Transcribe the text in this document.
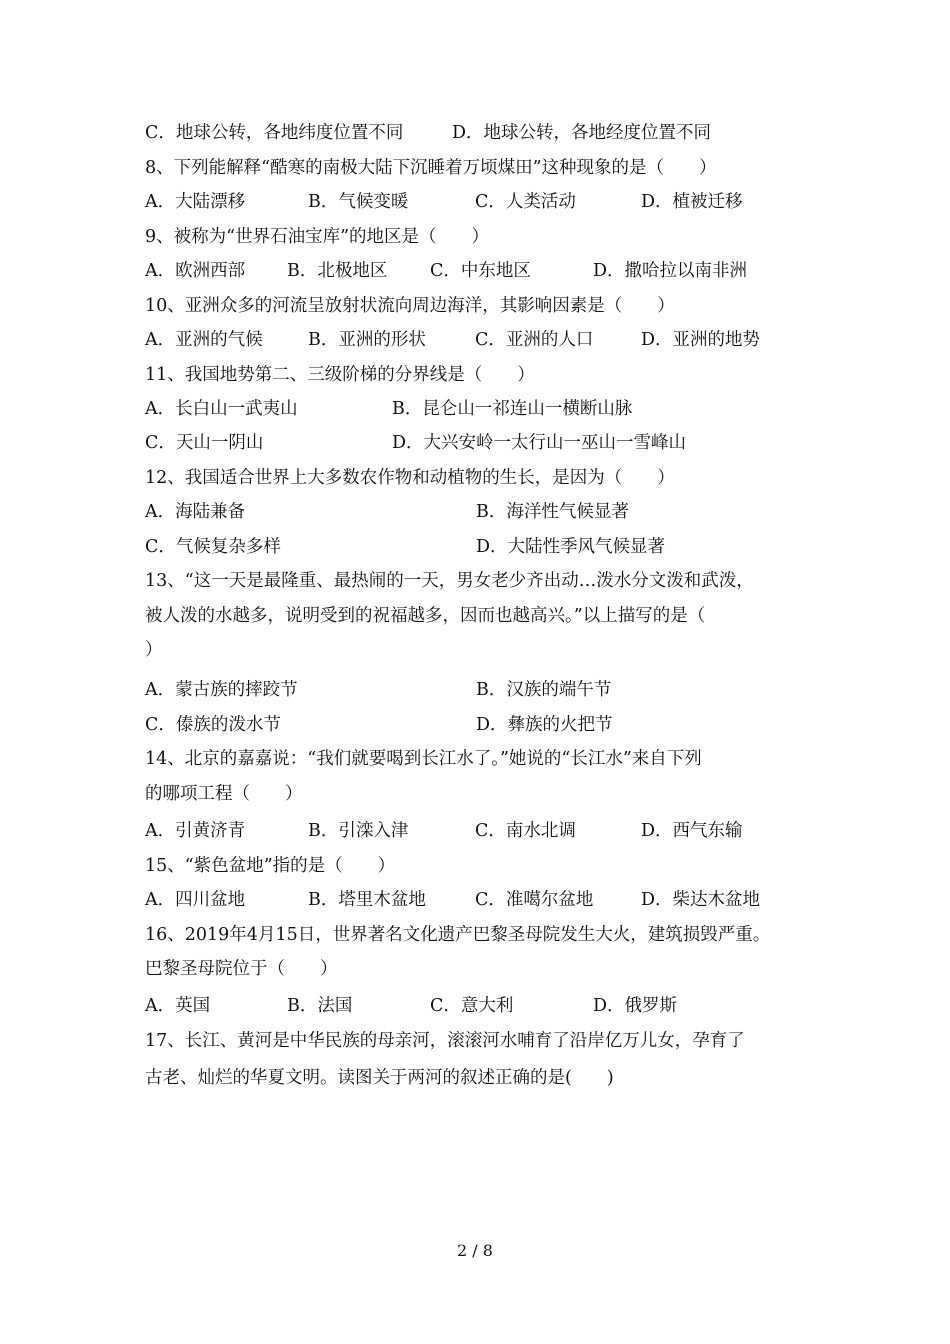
C．地球公转，各地纬度位置不同	D．地球公转，各地经度位置不同
8、下列能解释“酷寒的南极大陆下沉睡着万顷煤田”这种现象的是（　　）
A．大陆漂移	B．气候变暖	C．人类活动	D．植被迁移
9、被称为“世界石油宝库”的地区是（　　）
A．欧洲西部 B．北极地区 C．中东地区	D．撒哈拉以南非洲
10、亚洲众多的河流呈放射状流向周边海洋，其影响因素是（　　）
A．亚洲的气候	B．亚洲的形状	C．亚洲的人口	D．亚洲的地势
11、我国地势第二、三级阶梯的分界线是（　　）
A．长白山一武夷山	B．昆仑山一祁连山一横断山脉
C．天山一阴山	D．大兴安岭一太行山一巫山一雪峰山
12、我国适合世界上大多数农作物和动植物的生长，是因为（　　）
A．海陆兼备	B．海洋性气候显著
C．气候复杂多样	D．大陆性季风气候显著
13、“这一天是最隆重、最热闹的一天，男女老少齐出动…泼水分文泼和武泼，
被人泼的水越多，说明受到的祝福越多，因而也越高兴。”以上描写的是（
）
A．蒙古族的摔跤节	B．汉族的端午节
C．傣族的泼水节	D．彝族的火把节
14、北京的嘉嘉说：“我们就要喝到长江水了。”她说的“长江水”来自下列
的哪项工程（　　）
A．引黄济青	B．引滦入津	C．南水北调	D．西气东输
15、“紫色盆地”指的是（　　）
A．四川盆地	B．塔里木盆地	C．准噶尔盆地	D．柴达木盆地
16、2019年4月15日，世界著名文化遗产巴黎圣母院发生大火，建筑损毁严重。
巴黎圣母院位于（　　）
A．英国	B．法国	C．意大利	D．俄罗斯
17、长江、黄河是中华民族的母亲河，滚滚河水哺育了沿岸亿万儿女，孕育了
古老、灿烂的华夏文明。读图关于两河的叙述正确的是(　　)
2 / 8
